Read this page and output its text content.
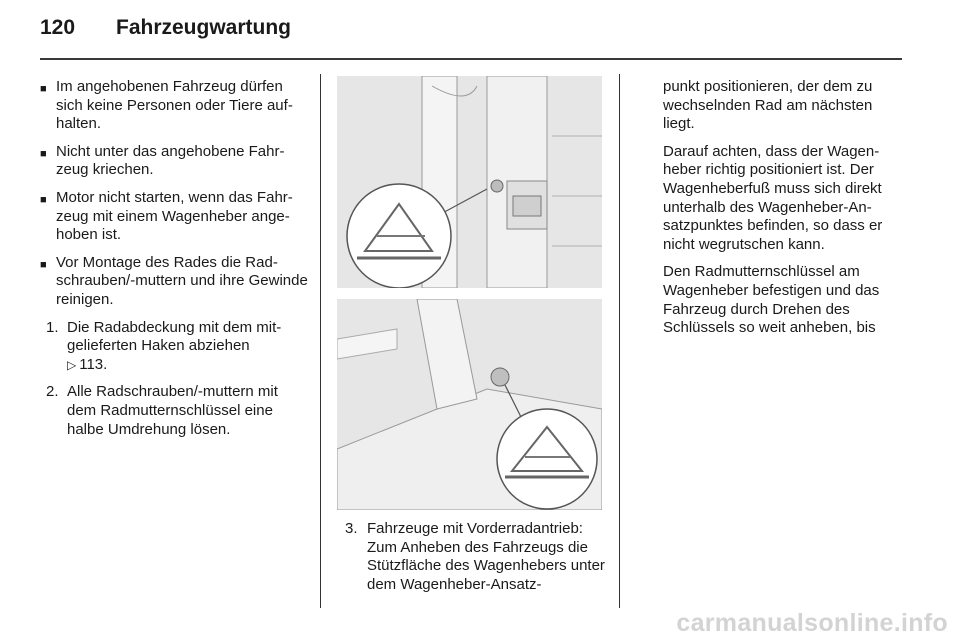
120 Fahrzeugwartung
■ Im angehobenen Fahrzeug dürfen sich keine Personen oder Tiere aufhalten.
■ Nicht unter das angehobene Fahrzeug kriechen.
■ Motor nicht starten, wenn das Fahrzeug mit einem Wagenheber angehoben ist.
■ Vor Montage des Rades die Radschrauben/-muttern und ihre Gewinde reinigen.
1. Die Radabdeckung mit dem mitgelieferten Haken abziehen
▷ 113.
2. Alle Radschrauben/-muttern mit dem Radmutternschlüssel eine halbe Umdrehung lösen.
3. Fahrzeuge mit Vorderradantrieb:
Zum Anheben des Fahrzeugs die Stützfläche des Wagenhebers unter dem Wagenheber-Ansatz-

punkt positionieren, der dem zu wechselnden Rad am nächsten liegt.

Darauf achten, dass der Wagenheber richtig positioniert ist. Der Wagenheberfuß muss sich direkt unterhalb des Wagenheber-Ansatzpunktes befinden, so dass er nicht wegrutschen kann.

Den Radmutternschlüssel am Wagenheber befestigen und das Fahrzeug durch Drehen des Schlüssels so weit anheben, bis

carmanualsonline.info
